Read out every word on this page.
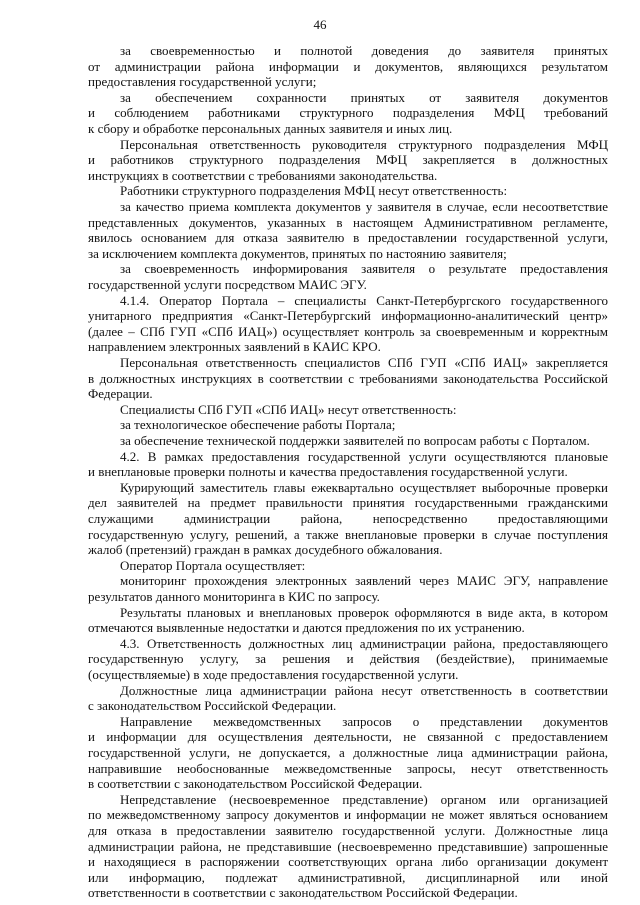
46
за своевременностью и полнотой доведения до заявителя принятых
от администрации района информации и документов, являющихся результатом
предоставления государственной услуги;
за обеспечением сохранности принятых от заявителя документов
и соблюдением работниками структурного подразделения МФЦ требований
к сбору и обработке персональных данных заявителя и иных лиц.
Персональная ответственность руководителя структурного подразделения МФЦ
и работников структурного подразделения МФЦ закрепляется в должностных
инструкциях в соответствии с требованиями законодательства.
Работники структурного подразделения МФЦ несут ответственность:
за качество приема комплекта документов у заявителя в случае, если несоответствие
представленных документов, указанных в настоящем Административном регламенте,
явилось основанием для отказа заявителю в предоставлении государственной услуги,
за исключением комплекта документов, принятых по настоянию заявителя;
за своевременность информирования заявителя о результате предоставления
государственной услуги посредством МАИС ЭГУ.
4.1.4. Оператор Портала – специалисты Санкт-Петербургского государственного
унитарного предприятия «Санкт-Петербургский информационно-аналитический центр»
(далее – СПб ГУП «СПб ИАЦ») осуществляет контроль за своевременным и корректным
направлением электронных заявлений в КАИС КРО.
Персональная ответственность специалистов СПб ГУП «СПб ИАЦ» закрепляется
в должностных инструкциях в соответствии с требованиями законодательства Российской
Федерации.
Специалисты СПб ГУП «СПб ИАЦ» несут ответственность:
за технологическое обеспечение работы Портала;
за обеспечение технической поддержки заявителей по вопросам работы с Порталом.
4.2. В рамках предоставления государственной услуги осуществляются плановые
и внеплановые проверки полноты и качества предоставления государственной услуги.
Курирующий заместитель главы ежеквартально осуществляет выборочные проверки
дел заявителей на предмет правильности принятия государственными гражданскими
служащими администрации района, непосредственно предоставляющими
государственную услугу, решений, а также внеплановые проверки в случае поступления
жалоб (претензий) граждан в рамках досудебного обжалования.
Оператор Портала осуществляет:
мониторинг прохождения электронных заявлений через МАИС ЭГУ, направление
результатов данного мониторинга в КИС по запросу.
Результаты плановых и внеплановых проверок оформляются в виде акта, в котором
отмечаются выявленные недостатки и даются предложения по их устранению.
4.3. Ответственность должностных лиц администрации района, предоставляющего
государственную услугу, за решения и действия (бездействие), принимаемые
(осуществляемые) в ходе предоставления государственной услуги.
Должностные лица администрации района несут ответственность в соответствии
с законодательством Российской Федерации.
Направление межведомственных запросов о представлении документов
и информации для осуществления деятельности, не связанной с предоставлением
государственной услуги, не допускается, а должностные лица администрации района,
направившие необоснованные межведомственные запросы, несут ответственность
в соответствии с законодательством Российской Федерации.
Непредставление (несвоевременное представление) органом или организацией
по межведомственному запросу документов и информации не может являться основанием
для отказа в предоставлении заявителю государственной услуги. Должностные лица
администрации района, не представившие (несвоевременно представившие) запрошенные
и находящиеся в распоряжении соответствующих органа либо организации документ
или информацию, подлежат административной, дисциплинарной или иной
ответственности в соответствии с законодательством Российской Федерации.
